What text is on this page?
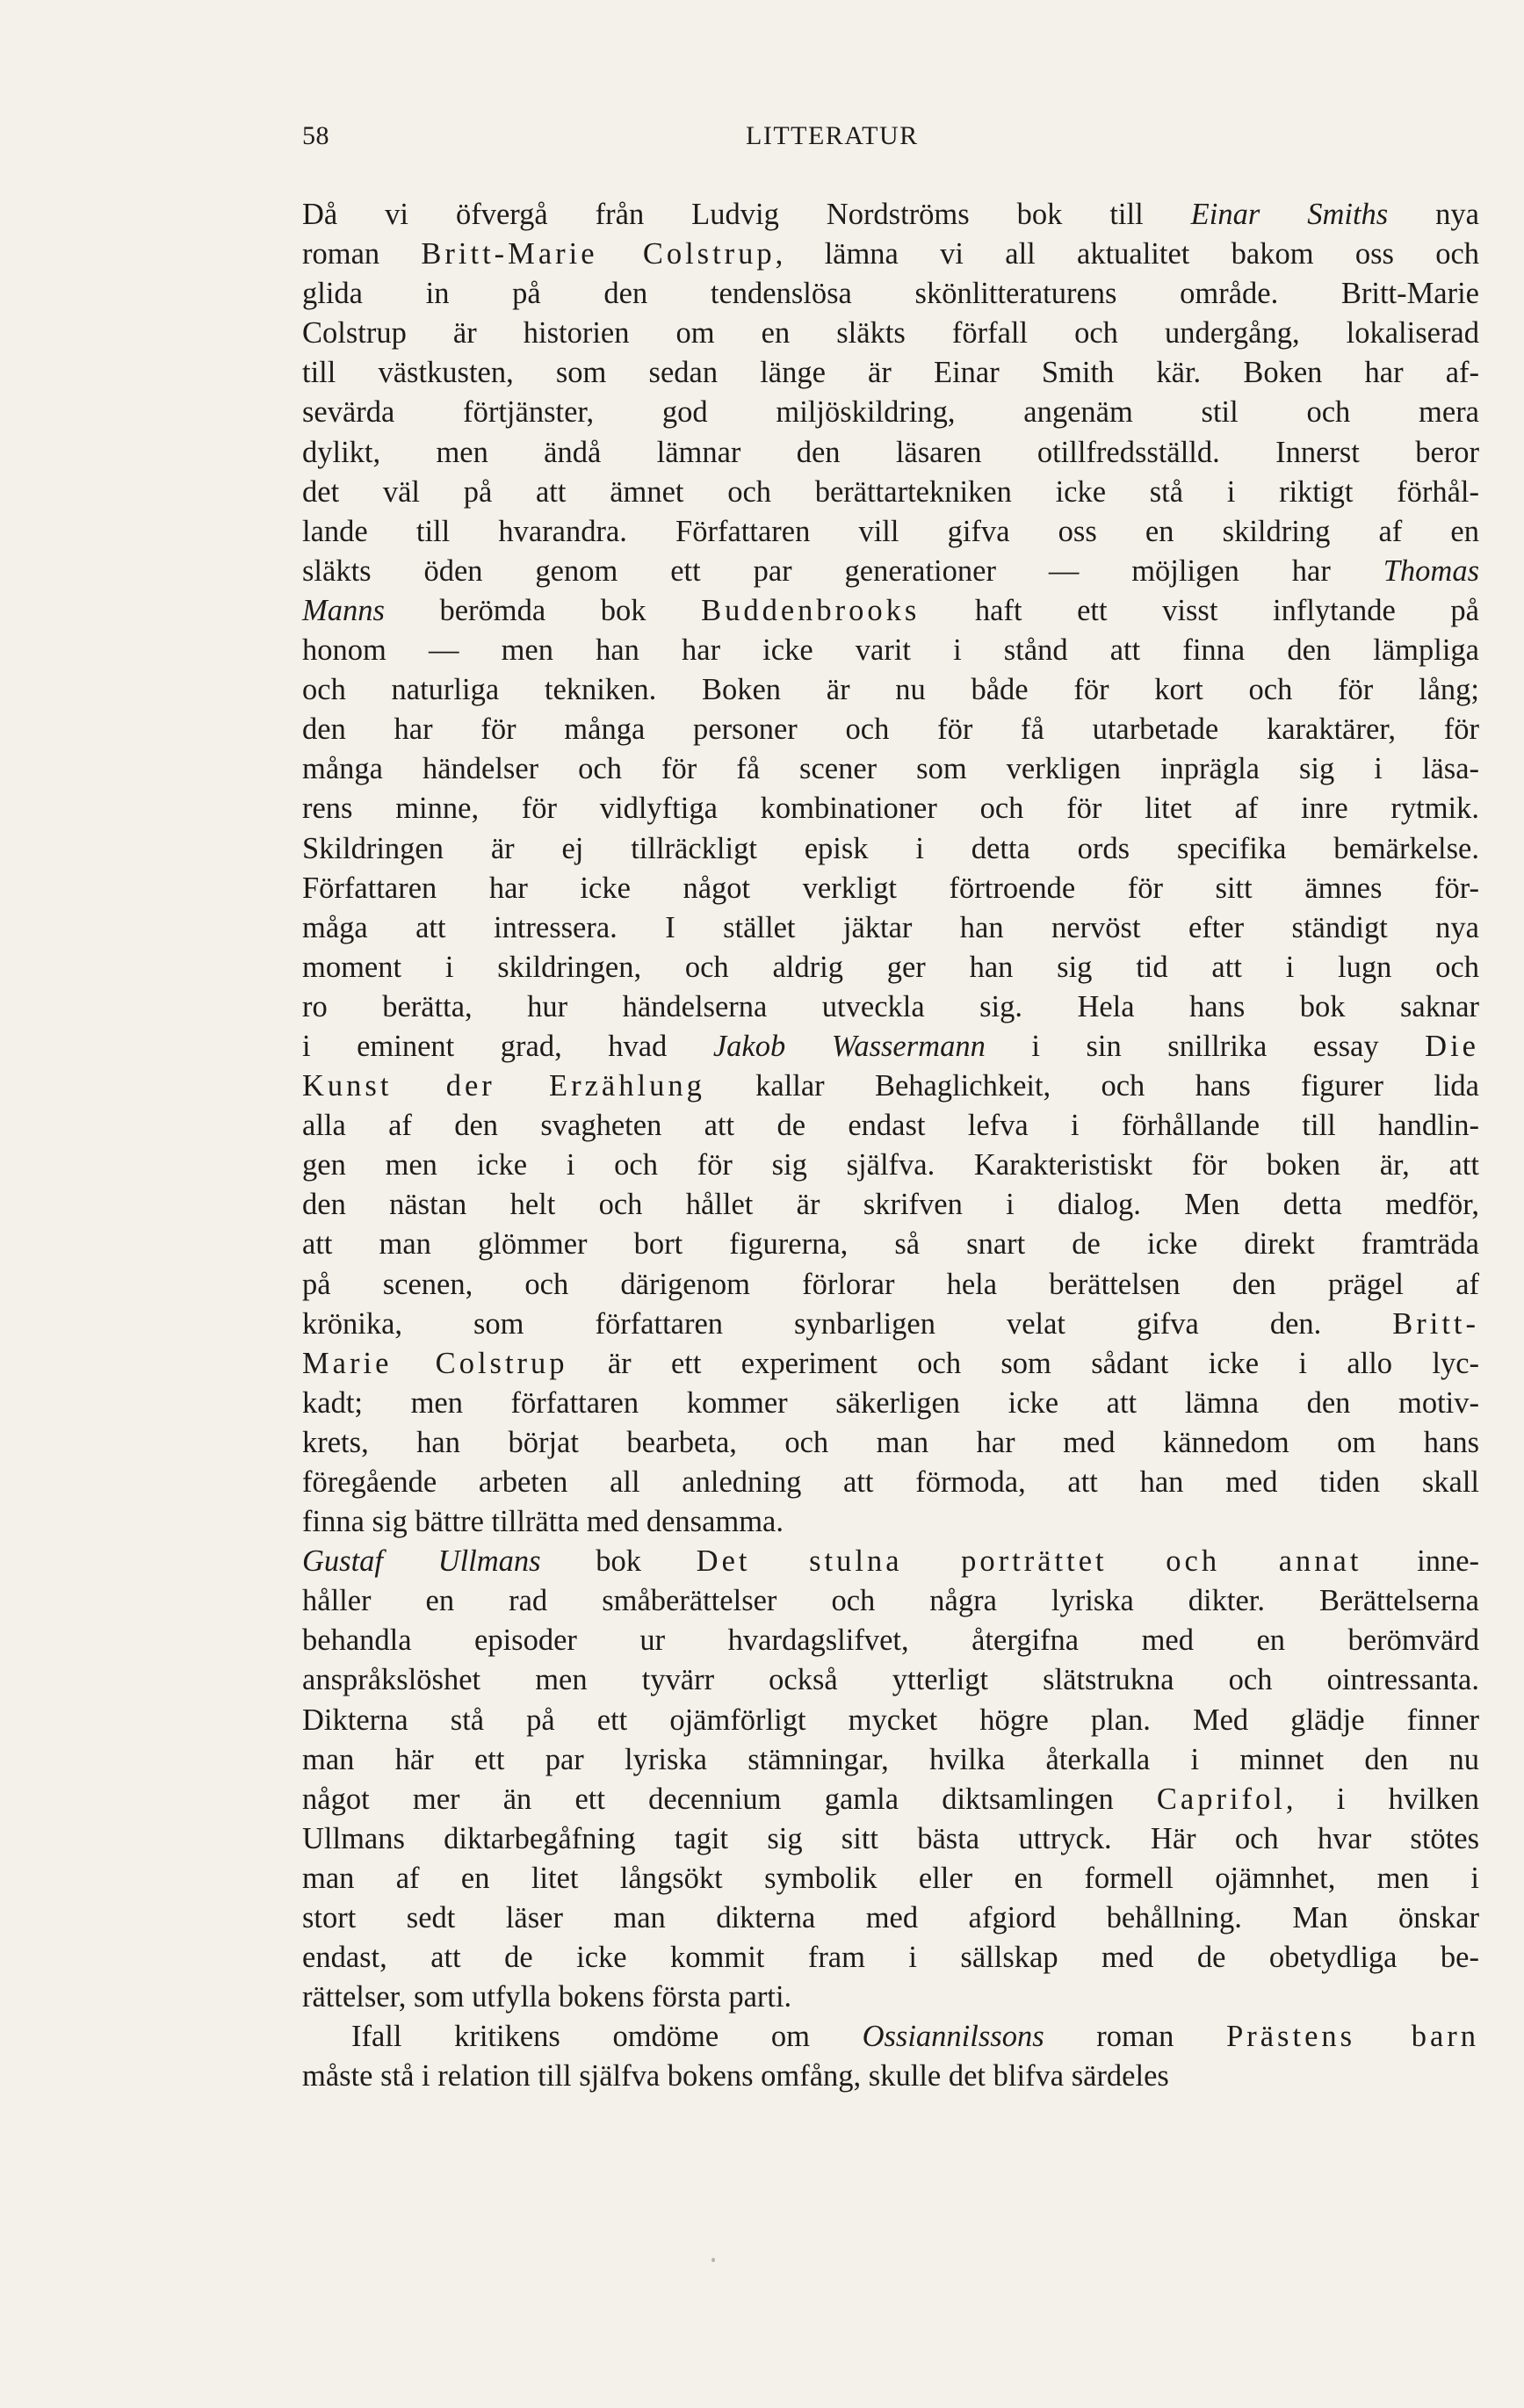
58	LITTERATUR
Då vi öfvergå från Ludvig Nordströms bok till Einar Smiths nya
roman Britt-Marie Colstrup, lämna vi all aktualitet bakom oss och
glida in på den tendenslösa skönlitteraturens område. Britt-Marie
Colstrup är historien om en släkts förfall och undergång, lokaliserad
till västkusten, som sedan länge är Einar Smith kär. Boken har af-
sevärda förtjänster, god miljöskildring, angenäm stil och mera
dylikt, men ändå lämnar den läsaren otillfredsställd. Innerst beror
det väl på att ämnet och berättartekniken icke stå i riktigt förhål-
lande till hvarandra. Författaren vill gifva oss en skildring af en
släkts öden genom ett par generationer — möjligen har Thomas
Manns berömda bok Buddenbrooks haft ett visst inflytande på
honom — men han har icke varit i stånd att finna den lämpliga
och naturliga tekniken. Boken är nu både för kort och för lång;
den har för många personer och för få utarbetade karaktärer, för
många händelser och för få scener som verkligen inprägla sig i läsa-
rens minne, för vidlyftiga kombinationer och för litet af inre rytmik.
Skildringen är ej tillräckligt episk i detta ords specifika bemärkelse.
Författaren har icke något verkligt förtroende för sitt ämnes för-
måga att intressera. I stället jäktar han nervöst efter ständigt nya
moment i skildringen, och aldrig ger han sig tid att i lugn och
ro berätta, hur händelserna utveckla sig. Hela hans bok saknar
i eminent grad, hvad Jakob Wassermann i sin snillrika essay Die
Kunst der Erzählung kallar Behaglichkeit, och hans figurer lida
alla af den svagheten att de endast lefva i förhållande till handlin-
gen men icke i och för sig själfva. Karakteristiskt för boken är, att
den nästan helt och hållet är skrifven i dialog. Men detta medför,
att man glömmer bort figurerna, så snart de icke direkt framträda
på scenen, och därigenom förlorar hela berättelsen den prägel af
krönika, som författaren synbarligen velat gifva den. Britt-
Marie Colstrup är ett experiment och som sådant icke i allo lyc-
kadt; men författaren kommer säkerligen icke att lämna den motiv-
krets, han börjat bearbeta, och man har med kännedom om hans
föregående arbeten all anledning att förmoda, att han med tiden skall
finna sig bättre tillrätta med densamma.
Gustaf Ullmans bok Det stulna porträttet och annat inne-
håller en rad småberättelser och några lyriska dikter. Berättelserna
behandla episoder ur hvardagslifvet, återgifna med en berömvärd
anspråkslöshet men tyvärr också ytterligt slätstrukna och ointressanta.
Dikterna stå på ett ojämförligt mycket högre plan. Med glädje finner
man här ett par lyriska stämningar, hvilka återkalla i minnet den nu
något mer än ett decennium gamla diktsamlingen Caprifol, i hvilken
Ullmans diktarbegåfning tagit sig sitt bästa uttryck. Här och hvar stötes
man af en litet långsökt symbolik eller en formell ojämnhet, men i
stort sedt läser man dikterna med afgiord behållning. Man önskar
endast, att de icke kommit fram i sällskap med de obetydliga be-
rättelser, som utfylla bokens första parti.
Ifall kritikens omdöme om Ossiannilssons roman Prästens barn
måste stå i relation till själfva bokens omfång, skulle det blifva särdeles
